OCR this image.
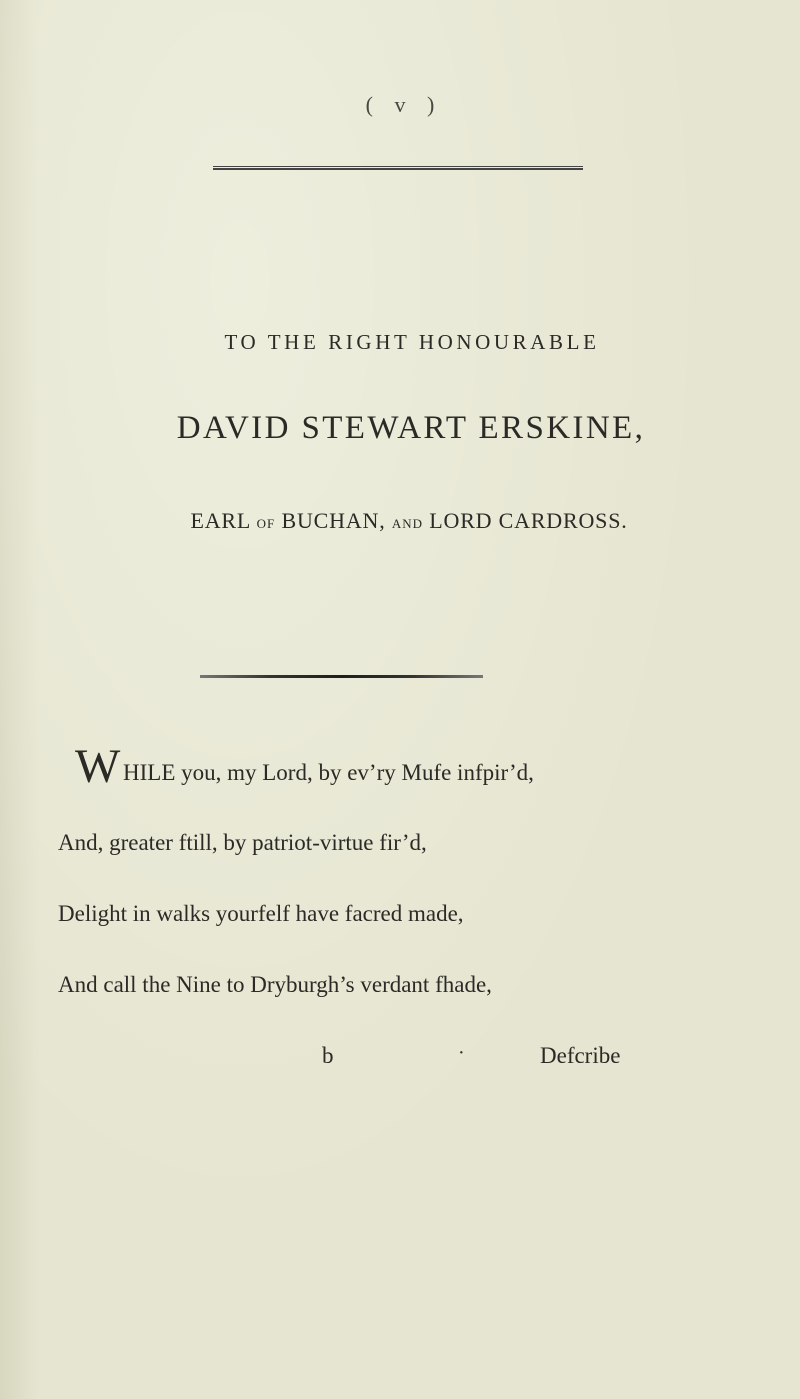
( v )
TO THE RIGHT HONOURABLE
DAVID STEWART ERSKINE,
EARL OF BUCHAN, AND LORD CARDROSS.
W HILE you, my Lord, by ev’ry Mufe infpir’d,
And, greater ftill, by patriot-virtue fir’d,
Delight in walks yourfelf have facred made,
And call the Nine to Dryburgh’s verdant fhade,
b	·	Defcribe
